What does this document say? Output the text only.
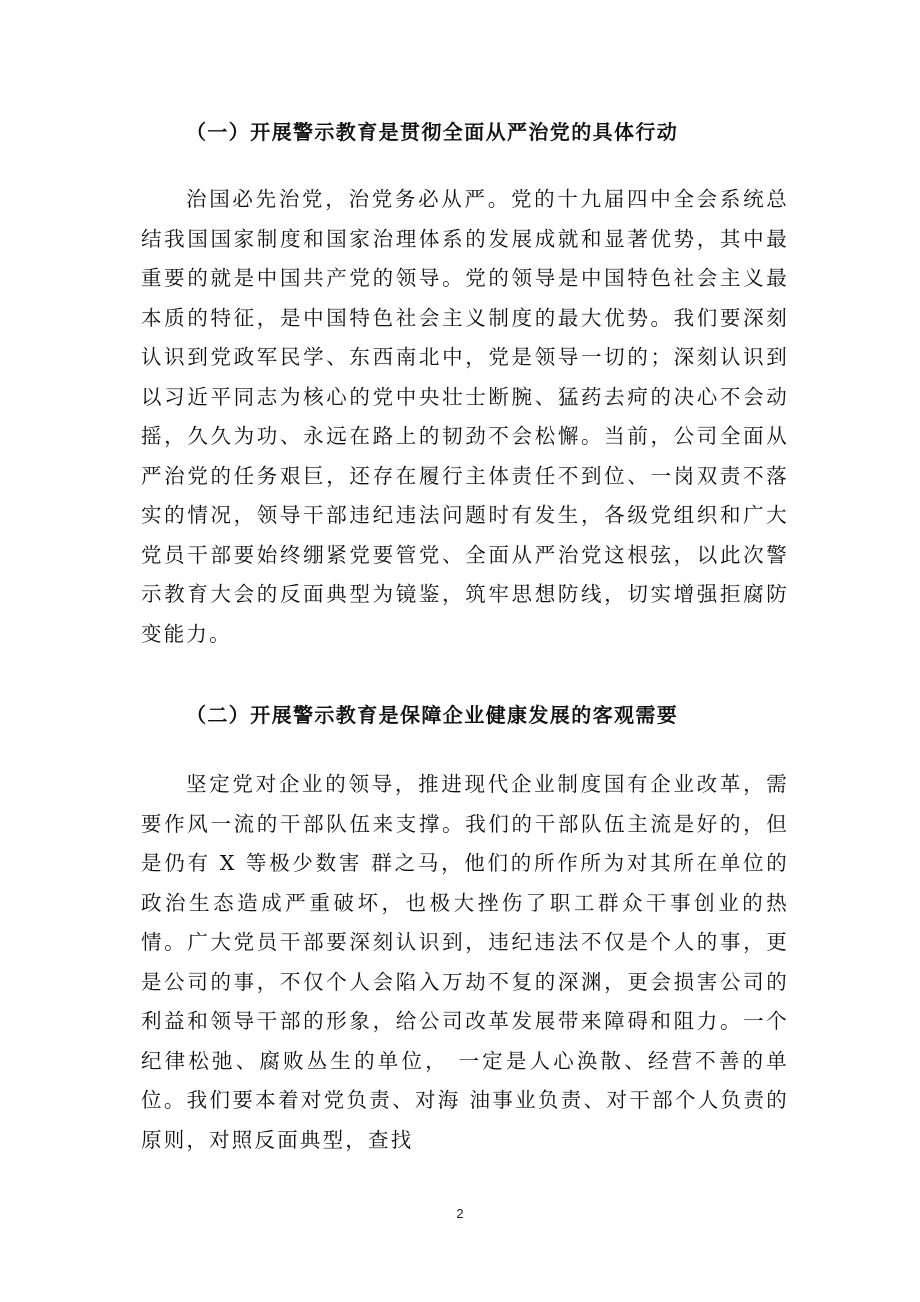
（一）开展警示教育是贯彻全面从严治党的具体行动
治国必先治党，治党务必从严。党的十九届四中全会系统总结我国国家制度和国家治理体系的发展成就和显著优势，其中最重要的就是中国共产党的领导。党的领导是中国特色社会主义最本质的特征，是中国特色社会主义制度的最大优势。我们要深刻认识到党政军民学、东西南北中，党是领导一切的；深刻认识到以习近平同志为核心的党中央壮士断腕、猛药去疴的决心不会动摇，久久为功、永远在路上的韧劲不会松懈。当前，公司全面从严治党的任务艰巨，还存在履行主体责任不到位、一岗双责不落实的情况，领导干部违纪违法问题时有发生，各级党组织和广大党员干部要始终绷紧党要管党、全面从严治党这根弦，以此次警示教育大会的反面典型为镜鉴，筑牢思想防线，切实增强拒腐防变能力。
（二）开展警示教育是保障企业健康发展的客观需要
坚定党对企业的领导，推进现代企业制度国有企业改革，需要作风一流的干部队伍来支撑。我们的干部队伍主流是好的，但是仍有 X 等极少数害 群之马，他们的所作所为对其所在单位的政治生态造成严重破坏，也极大挫伤了职工群众干事创业的热情。广大党员干部要深刻认识到，违纪违法不仅是个人的事，更是公司的事，不仅个人会陷入万劫不复的深渊，更会损害公司的利益和领导干部的形象，给公司改革发展带来障碍和阻力。一个纪律松弛、腐败丛生的单位， 一定是人心涣散、经营不善的单位。我们要本着对党负责、对海 油事业负责、对干部个人负责的原则，对照反面典型，查找
2
